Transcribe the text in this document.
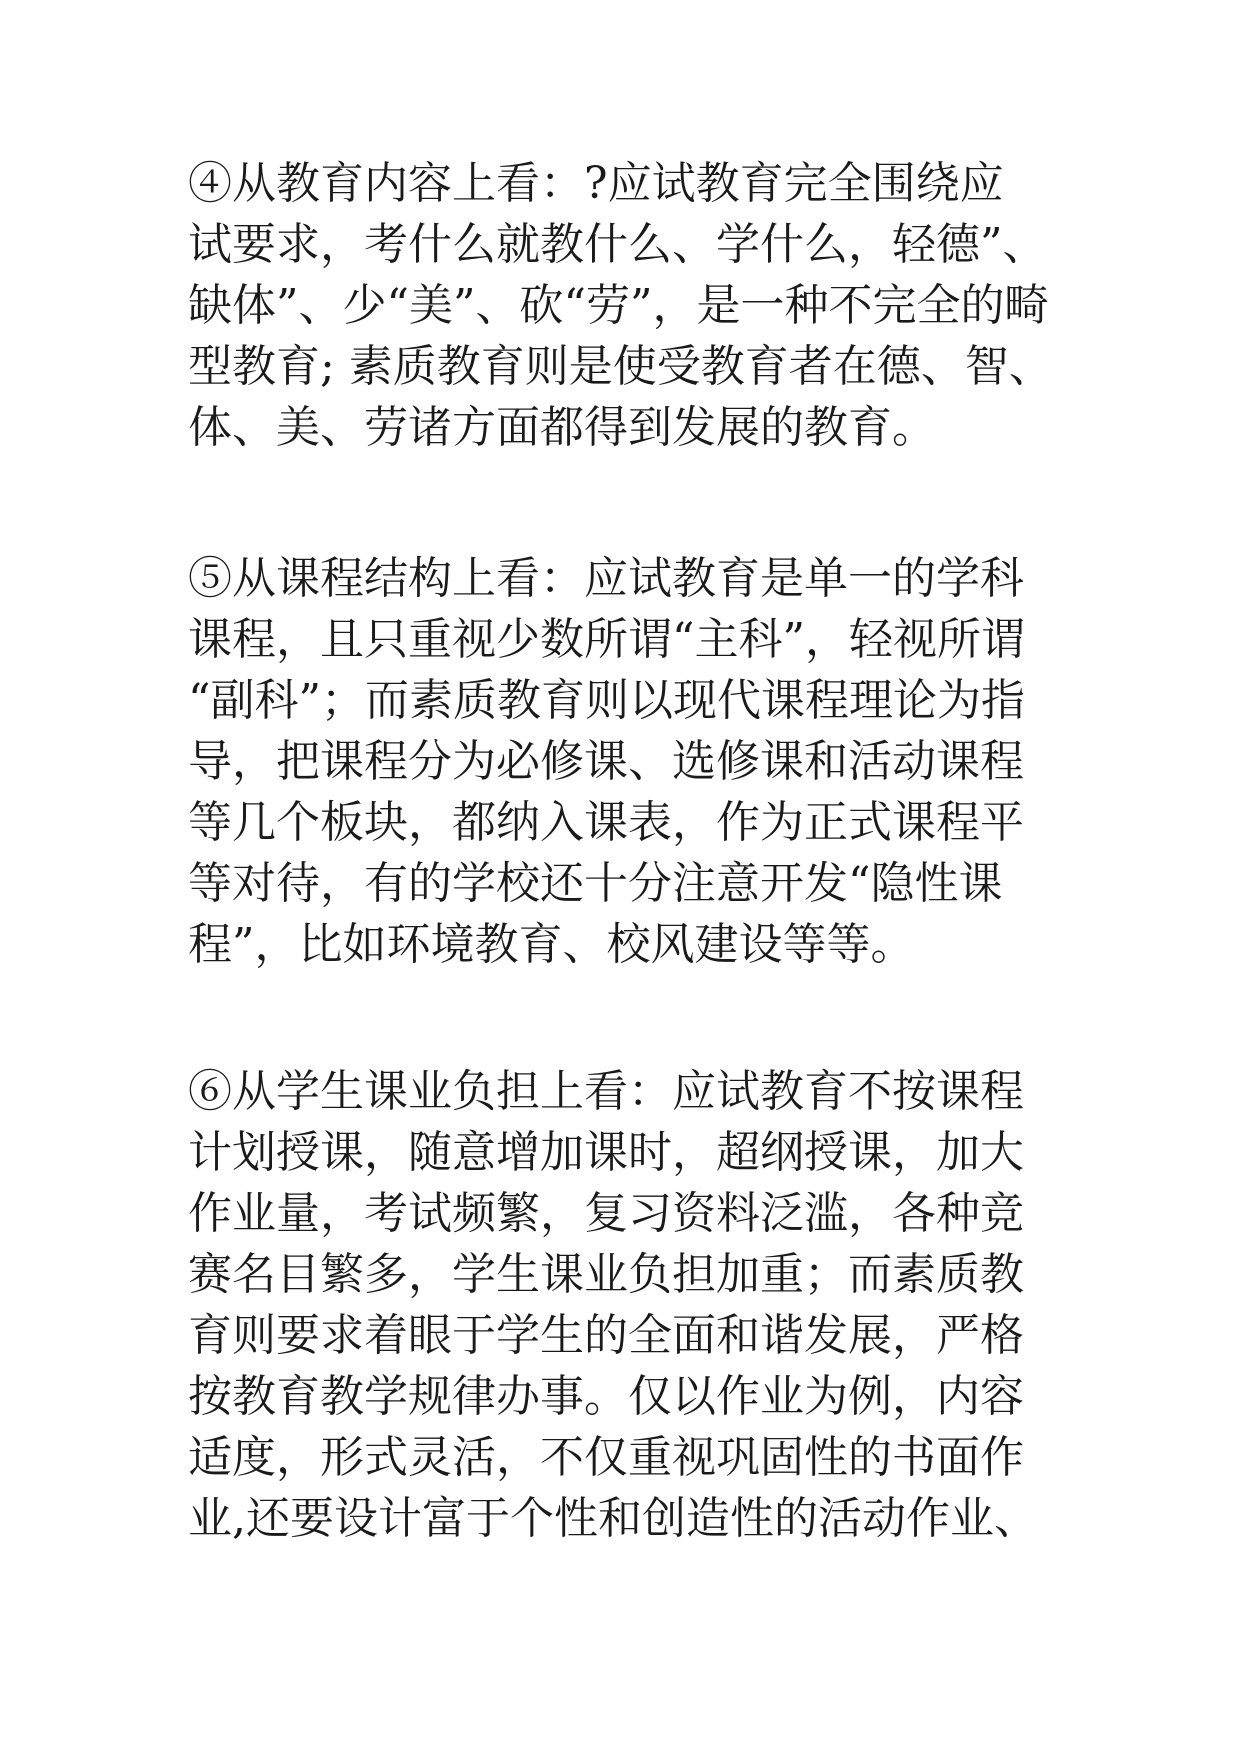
④从教育内容上看：?应试教育完全围绕应
试要求，考什么就教什么、学什么，轻德”、
缺体”、少“美”、砍“劳”，是一种不完全的畸
型教育; 素质教育则是使受教育者在德、智、
体、美、劳诸方面都得到发展的教育。
⑤从课程结构上看：应试教育是单一的学科
课程，且只重视少数所谓“主科”，轻视所谓
“副科”；而素质教育则以现代课程理论为指
导，把课程分为必修课、选修课和活动课程
等几个板块，都纳入课表，作为正式课程平
等对待，有的学校还十分注意开发“隐性课
程”，比如环境教育、校风建设等等。
⑥从学生课业负担上看：应试教育不按课程
计划授课，随意增加课时，超纲授课，加大
作业量，考试频繁，复习资料泛滥，各种竞
赛名目繁多，学生课业负担加重；而素质教
育则要求着眼于学生的全面和谐发展，严格
按教育教学规律办事。仅以作业为例，内容
适度，形式灵活，不仅重视巩固性的书面作
业,还要设计富于个性和创造性的活动作业、
